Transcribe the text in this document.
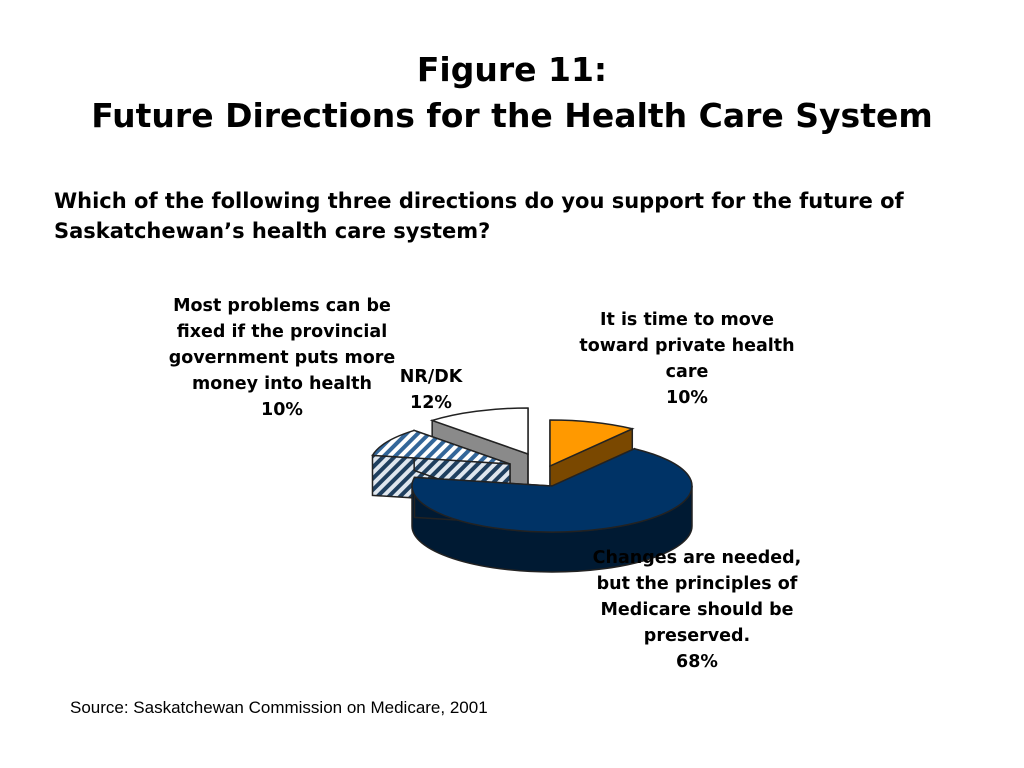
Figure 11:
Future Directions for the Health Care System

Which of the following three directions do you support for the future of Saskatchewan’s health care system?

Most problems can be fixed if the provincial government puts more money into health
10%
NR/DK
12%
It is time to move toward private health care
10%
Changes are needed, but the principles of Medicare should be preserved.
68%

Source: Saskatchewan Commission on Medicare, 2001
